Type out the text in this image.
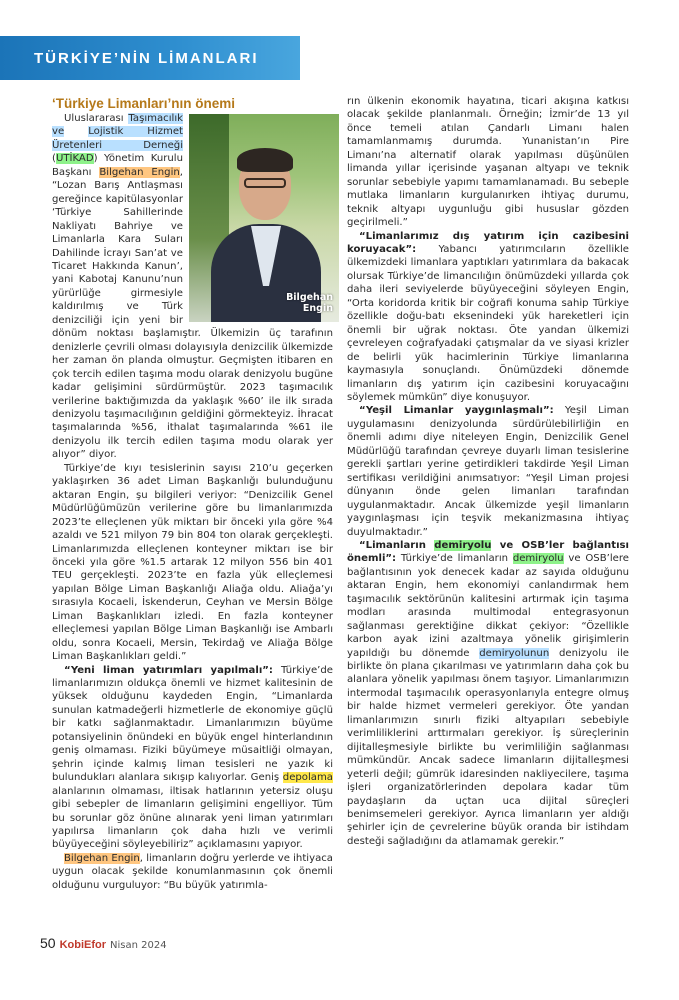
TÜRKİYE’NİN LİMANLARI
‘Türkiye Limanları’nın önemi
Bilgehan
Engin

Uluslararası Taşımacılık ve Lojistik Hizmet Üretenleri Derneği (UTİKAD) Yönetim Kurulu Başkanı Bilgehan Engin, “Lozan Barış Antlaşması gereğince kapitülasyonlar ‘Türkiye Sahillerinde Nakliyatı Bahriye ve Limanlarla Kara Suları Dahilinde İcrayı San’at ve Ticaret Hakkında Kanun’, yani Kabotaj Kanunu’nun yürürlüğe girmesiyle kaldırılmış ve Türk denizciliği için yeni bir dönüm noktası başlamıştır. Ülkemizin üç tarafının denizlerle çevrili olması dolayısıyla denizcilik ülkemizde her zaman ön planda olmuştur. Geçmişten itibaren en çok tercih edilen taşıma modu olarak denizyolu bugüne kadar gelişimini sürdürmüştür. 2023 taşımacılık verilerine baktığımızda da yaklaşık %60’ ile ilk sırada denizyolu taşımacılığının geldiğini görmekteyiz. İhracat taşımalarında %56, ithalat taşımalarında %61 ile denizyolu ilk tercih edilen taşıma modu olarak yer alıyor” diyor.

Türkiye’de kıyı tesislerinin sayısı 210’u geçerken yaklaşırken 36 adet Liman Başkanlığı bulunduğunu aktaran Engin, şu bilgileri veriyor: “Denizcilik Genel Müdürlüğümüzün verilerine göre bu limanlarımızda 2023’te elleçlenen yük miktarı bir önceki yıla göre %4 azaldı ve 521 milyon 79 bin 804 ton olarak gerçekleşti. Limanlarımızda elleçlenen konteyner miktarı ise bir önceki yıla göre %1.5 artarak 12 milyon 556 bin 401 TEU gerçekleşti. 2023’te en fazla yük elleçlemesi yapılan Bölge Liman Başkanlığı Aliağa oldu. Aliağa’yı sırasıyla Kocaeli, İskenderun, Ceyhan ve Mersin Bölge Liman Başkanlıkları izledi. En fazla konteyner elleçlemesi yapılan Bölge Liman Başkanlığı ise Ambarlı oldu, sonra Kocaeli, Mersin, Tekirdağ ve Aliağa Bölge Liman Başkanlıkları geldi.”

“Yeni liman yatırımları yapılmalı”: Türkiye’de limanlarımızın oldukça önemli ve hizmet kalitesinin de yüksek olduğunu kaydeden Engin, “Limanlarda sunulan katmadeğerli hizmetlerle de ekonomiye güçlü bir katkı sağlanmaktadır. Limanlarımızın büyüme potansiyelinin önündeki en büyük engel hinterlandının geniş olmaması. Fiziki büyümeye müsaitliği olmayan, şehrin içinde kalmış liman tesisleri ne yazık ki bulundukları alanlara sıkışıp kalıyorlar. Geniş depolama alanlarının olmaması, iltisak hatlarının yetersiz oluşu gibi sebepler de limanların gelişimini engelliyor. Tüm bu sorunlar göz önüne alınarak yeni liman yatırımları yapılırsa limanların çok daha hızlı ve verimli büyüyeceğini söyleyebiliriz” açıklamasını yapıyor.

Bilgehan Engin, limanların doğru yerlerde ve ihtiyaca uygun olacak şekilde konumlanmasının çok önemli olduğunu vurguluyor: “Bu büyük yatırımla-

rın ülkenin ekonomik hayatına, ticari akışına katkısı olacak şekilde planlanmalı. Örneğin; İzmir’de 13 yıl önce temeli atılan Çandarlı Limanı halen tamamlanmamış durumda. Yunanistan’ın Pire Limanı’na alternatif olarak yapılması düşünülen limanda yıllar içerisinde yaşanan altyapı ve teknik sorunlar sebebiyle yapımı tamamlanamadı. Bu sebeple mutlaka limanların kurgulanırken ihtiyaç durumu, teknik altyapı uygunluğu gibi hususlar gözden geçirilmeli.”

“Limanlarımız dış yatırım için cazibesini koruyacak”: Yabancı yatırımcıların özellikle ülkemizdeki limanlara yaptıkları yatırımlara da bakacak olursak Türkiye’de limancılığın önümüzdeki yıllarda çok daha ileri seviyelerde büyüyeceğini söyleyen Engin, “Orta koridorda kritik bir coğrafi konuma sahip Türkiye özellikle doğu-batı eksenindeki yük hareketleri için önemli bir uğrak noktası. Öte yandan ülkemizi çevreleyen coğrafyadaki çatışmalar da ve siyasi krizler de belirli yük hacimlerinin Türkiye limanlarına kaymasıyla sonuçlandı. Önümüzdeki dönemde limanların dış yatırım için cazibesini koruyacağını söylemek mümkün” diye konuşuyor.

“Yeşil Limanlar yaygınlaşmalı”: Yeşil Liman uygulamasını denizyolunda sürdürülebilirliğin en önemli adımı diye niteleyen Engin, Denizcilik Genel Müdürlüğü tarafından çevreye duyarlı liman tesislerine gerekli şartları yerine getirdikleri takdirde Yeşil Liman sertifikası verildiğini anımsatıyor: “Yeşil Liman projesi dünyanın önde gelen limanları tarafından uygulanmaktadır. Ancak ülkemizde yeşil limanların yaygınlaşması için teşvik mekanizmasına ihtiyaç duyulmaktadır.”

“Limanların demiryolu ve OSB’ler bağlantısı önemli”: Türkiye’de limanların demiryolu ve OSB’lere bağlantısının yok denecek kadar az sayıda olduğunu aktaran Engin, hem ekonomiyi canlandırmak hem taşımacılık sektörünün kalitesini artırmak için taşıma modları arasında multimodal entegrasyonun sağlanması gerektiğine dikkat çekiyor: “Özellikle karbon ayak izini azaltmaya yönelik girişimlerin yapıldığı bu dönemde demiryolunun denizyolu ile birlikte ön plana çıkarılması ve yatırımların daha çok bu alanlara yönelik yapılması önem taşıyor. Limanlarımızın intermodal taşımacılık operasyonlarıyla entegre olmuş bir halde hizmet vermeleri gerekiyor. Öte yandan limanlarımızın sınırlı fiziki altyapıları sebebiyle verimliliklerini arttırmaları gerekiyor. İş süreçlerinin dijitalleşmesiyle birlikte bu verimliliğin sağlanması mümkündür. Ancak sadece limanların dijitalleşmesi yeterli değil; gümrük idaresinden nakliyecilere, taşıma işleri organizatörlerinden depolara kadar tüm paydaşların da uçtan uca dijital süreçleri benimsemeleri gerekiyor. Ayrıca limanların yer aldığı şehirler için de çevrelerine büyük oranda bir istihdam desteği sağladığını da atlamamak gerekir.”

50 KobiEfor Nisan 2024
